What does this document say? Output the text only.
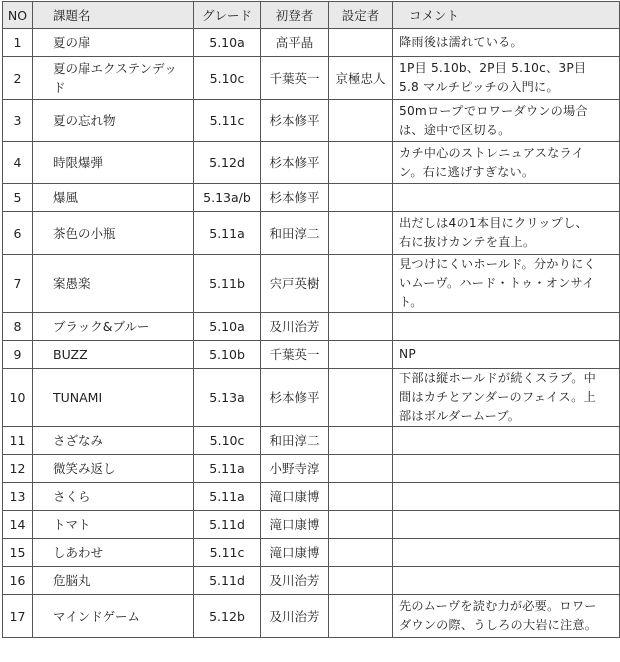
NO	課題名	グレード	初登者	設定者	コメント
1	夏の扉	5.10a	高平晶		降雨後は濡れている。

2	夏の扉エクステンデッド	5.10c	千葉英一	京極忠人	1P目 5.10b、2P目 5.10c、3P目
5.8 マルチピッチの入門に。

3	夏の忘れ物	5.11c	杉本修平		50mロープでロワーダウンの場合
は、途中で区切る。

4	時限爆弾	5.12d	杉本修平		カチ中心のストレニュアスなライ
ン。右に逃げすぎない。

5	爆風	5.13a/b	杉本修平		
6	茶色の小瓶	5.11a	和田淳二		出だしは4の1本目にクリップし、
右に抜けカンテを直上。

7	案愚楽	5.11b	宍戸英樹		見つけにくいホールド。分かりにく
いムーヴ。ハード・トゥ・オンサイ
ト。

8	ブラック&ブルー	5.10a	及川治芳		
9	BUZZ	5.10b	千葉英一		NP

10	TUNAMI	5.13a	杉本修平		下部は縦ホールドが続くスラブ。中
間はカチとアンダーのフェイス。上
部はボルダームーブ。

11	さざなみ	5.10c	和田淳二		
12	微笑み返し	5.11a	小野寺淳		
13	さくら	5.11a	滝口康博		
14	トマト	5.11d	滝口康博		
15	しあわせ	5.11c	滝口康博		
16	危脳丸	5.11d	及川治芳		
17	マインドゲーム	5.12b	及川治芳		先のムーヴを読む力が必要。ロワー
ダウンの際、うしろの大岩に注意。
